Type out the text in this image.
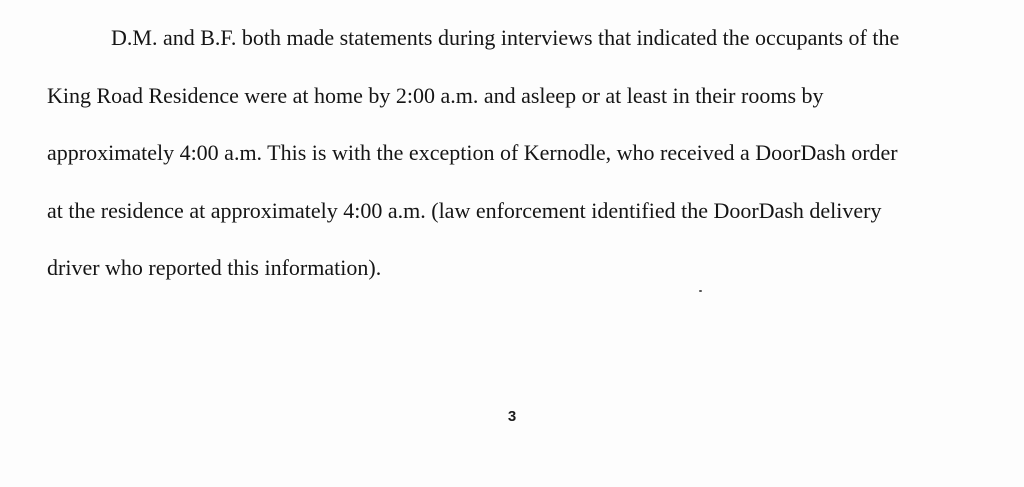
D.M. and B.F. both made statements during interviews that indicated the occupants of the
King Road Residence were at home by 2:00 a.m. and asleep or at least in their rooms by
approximately 4:00 a.m. This is with the exception of Kernodle, who received a DoorDash order
at the residence at approximately 4:00 a.m. (law enforcement identified the DoorDash delivery
driver who reported this information).

3
